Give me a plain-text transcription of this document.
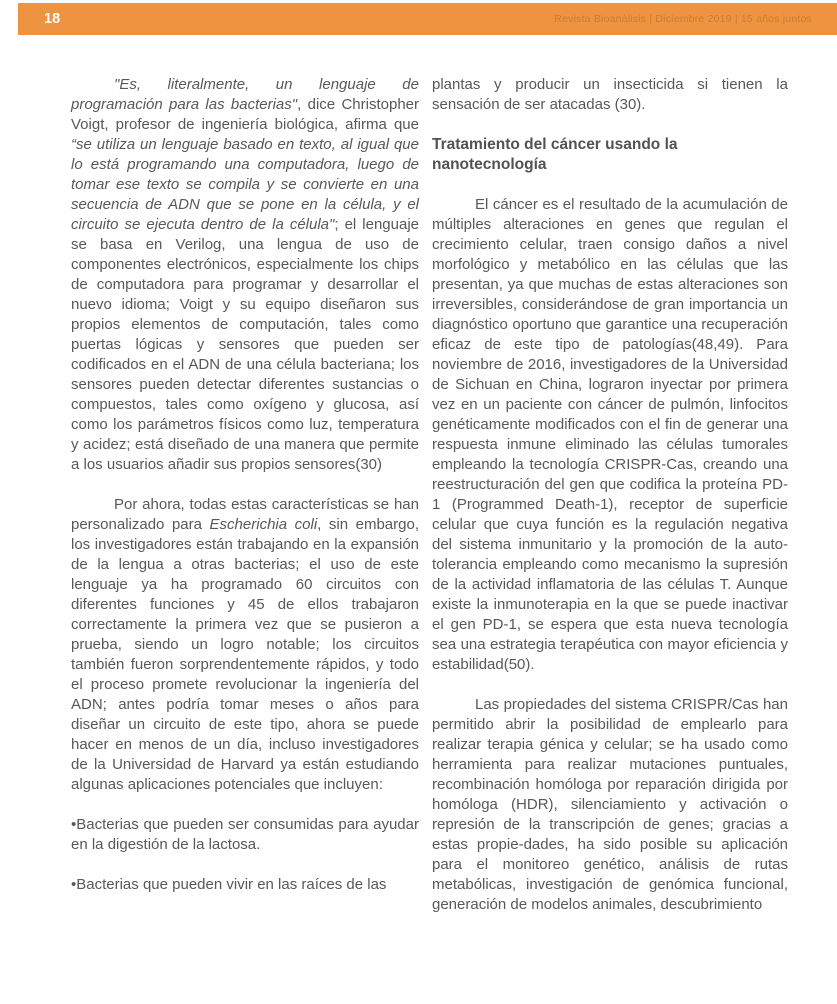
18	Revista Bioanálisis | Diciembre 2019 | 15 años juntos

"Es, literalmente, un lenguaje de programación para las bacterias", dice Christopher Voigt, profesor de ingeniería biológica, afirma que “se utiliza un lenguaje basado en texto, al igual que lo está programando una computadora, luego de tomar ese texto se compila y se convierte en una secuencia de ADN que se pone en la célula, y el circuito se ejecuta dentro de la célula"; el lenguaje se basa en Verilog, una lengua de uso de componentes electrónicos, especialmente los chips de computadora para programar y desarrollar el nuevo idioma; Voigt y su equipo diseñaron sus propios elementos de computación, tales como puertas lógicas y sensores que pueden ser codificados en el ADN de una célula bacteriana; los sensores pueden detectar diferentes sustancias o compuestos, tales como oxígeno y glucosa, así como los parámetros físicos como luz, temperatura y acidez; está diseñado de una manera que permite a los usuarios añadir sus propios sensores(30)

Por ahora, todas estas características se han personalizado para Escherichia coli, sin embargo, los investigadores están trabajando en la expansión de la lengua a otras bacterias; el uso de este lenguaje ya ha programado 60 circuitos con diferentes funciones y 45 de ellos trabajaron correctamente la primera vez que se pusieron a prueba, siendo un logro notable; los circuitos también fueron sorprendentemente rápidos, y todo el proceso promete revolucionar la ingeniería del ADN; antes podría tomar meses o años para diseñar un circuito de este tipo, ahora se puede hacer en menos de un día, incluso investigadores de la Universidad de Harvard ya están estudiando algunas aplicaciones potenciales que incluyen:

•Bacterias que pueden ser consumidas para ayudar en la digestión de la lactosa.

•Bacterias que pueden vivir en las raíces de las

plantas y producir un insecticida si tienen la sensación de ser atacadas (30).

Tratamiento del cáncer usando la nanotecnología

El cáncer es el resultado de la acumulación de múltiples alteraciones en genes que regulan el crecimiento celular, traen consigo daños a nivel morfológico y metabólico en las células que las presentan, ya que muchas de estas alteraciones son irreversibles, considerándose de gran importancia un diagnóstico oportuno que garantice una recuperación eficaz de este tipo de patologías(48,49). Para noviembre de 2016, investigadores de la Universidad de Sichuan en China, lograron inyectar por primera vez en un paciente con cáncer de pulmón, linfocitos genéticamente modificados con el fin de generar una respuesta inmune eliminado las células tumorales empleando la tecnología CRISPR-Cas, creando una reestructuración del gen que codifica la proteína PD-1 (Programmed Death-1), receptor de superficie celular que cuya función es la regulación negativa del sistema inmunitario y la promoción de la auto-tolerancia empleando como mecanismo la supresión de la actividad inflamatoria de las células T. Aunque existe la inmunoterapia en la que se puede inactivar el gen PD-1, se espera que esta nueva tecnología sea una estrategia terapéutica con mayor eficiencia y estabilidad(50).

Las propiedades del sistema CRISPR/Cas han permitido abrir la posibilidad de emplearlo para realizar terapia génica y celular; se ha usado como herramienta para realizar mutaciones puntuales, recombinación homóloga por reparación dirigida por homóloga (HDR), silenciamiento y activación o represión de la transcripción de genes; gracias a estas propie-dades, ha sido posible su aplicación para el monitoreo genético, análisis de rutas metabólicas, investigación de genómica funcional, generación de modelos animales, descubrimiento
